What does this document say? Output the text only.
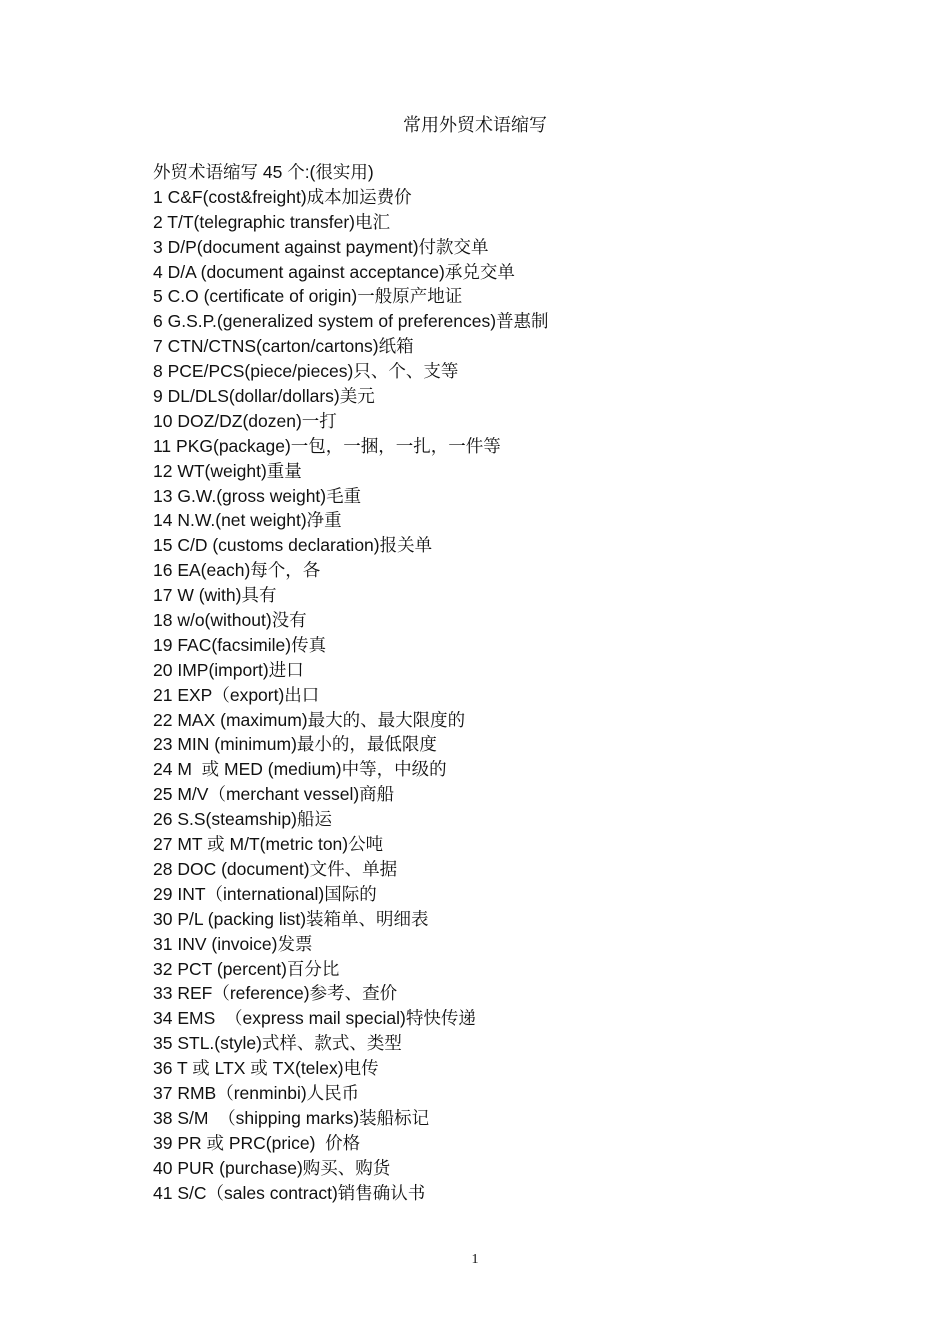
常用外贸术语缩写
外贸术语缩写 45 个:(很实用)
1 C&F(cost&freight)成本加运费价
2 T/T(telegraphic transfer)电汇
3 D/P(document against payment)付款交单
4 D/A (document against acceptance)承兑交单
5 C.O (certificate of origin)一般原产地证
6 G.S.P.(generalized system of preferences)普惠制
7 CTN/CTNS(carton/cartons)纸箱
8 PCE/PCS(piece/pieces)只、个、支等
9 DL/DLS(dollar/dollars)美元
10 DOZ/DZ(dozen)一打
11 PKG(package)一包，一捆，一扎，一件等
12 WT(weight)重量
13 G.W.(gross weight)毛重
14 N.W.(net weight)净重
15 C/D (customs declaration)报关单
16 EA(each)每个，各
17 W (with)具有
18 w/o(without)没有
19 FAC(facsimile)传真
20 IMP(import)进口
21 EXP（export)出口
22 MAX (maximum)最大的、最大限度的
23 MIN (minimum)最小的，最低限度
24 M  或 MED (medium)中等，中级的
25 M/V（merchant vessel)商船
26 S.S(steamship)船运
27 MT 或 M/T(metric ton)公吨
28 DOC (document)文件、单据
29 INT（international)国际的
30 P/L (packing list)装箱单、明细表
31 INV (invoice)发票
32 PCT (percent)百分比
33 REF（reference)参考、查价
34 EMS  （express mail special)特快传递
35 STL.(style)式样、款式、类型
36 T 或 LTX 或 TX(telex)电传
37 RMB（renminbi)人民币
38 S/M  （shipping marks)装船标记
39 PR 或 PRC(price)  价格
40 PUR (purchase)购买、购货
41 S/C（sales contract)销售确认书
1
